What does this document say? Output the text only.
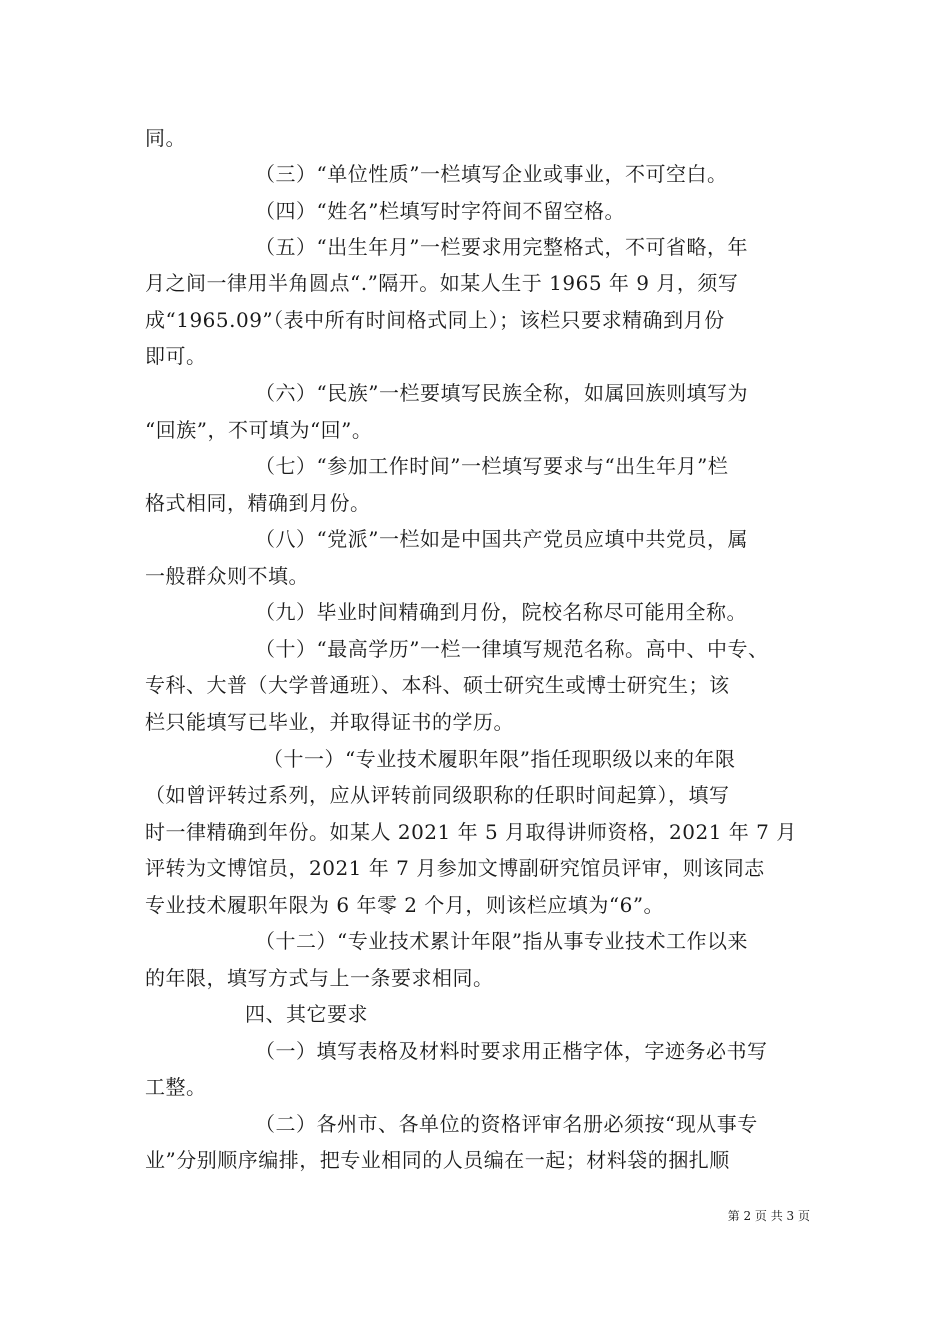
同。
（三）“单位性质”一栏填写企业或事业，不可空白。
（四）“姓名”栏填写时字符间不留空格。
（五）“出生年月”一栏要求用完整格式，不可省略，年
月之间一律用半角圆点“.”隔开。如某人生于 1965 年 9 月，须写
成“1965.09”（表中所有时间格式同上）；该栏只要求精确到月份
即可。
（六）“民族”一栏要填写民族全称，如属回族则填写为
“回族”，不可填为“回”。
（七）“参加工作时间”一栏填写要求与“出生年月”栏
格式相同，精确到月份。
（八）“党派”一栏如是中国共产党员应填中共党员，属
一般群众则不填。
（九）毕业时间精确到月份，院校名称尽可能用全称。
（十）“最高学历”一栏一律填写规范名称。高中、中专、
专科、大普（大学普通班）、本科、硕士研究生或博士研究生；该
栏只能填写已毕业，并取得证书的学历。
（十一）“专业技术履职年限”指任现职级以来的年限
（如曾评转过系列，应从评转前同级职称的任职时间起算），填写
时一律精确到年份。如某人 2021 年 5 月取得讲师资格，2021 年 7 月
评转为文博馆员，2021 年 7 月参加文博副研究馆员评审，则该同志
专业技术履职年限为 6 年零 2 个月，则该栏应填为“6”。
（十二）“专业技术累计年限”指从事专业技术工作以来
的年限，填写方式与上一条要求相同。
四、其它要求
（一）填写表格及材料时要求用正楷字体，字迹务必书写
工整。
（二）各州市、各单位的资格评审名册必须按“现从事专
业”分别顺序编排，把专业相同的人员编在一起；材料袋的捆扎顺
第 2 页 共 3 页
